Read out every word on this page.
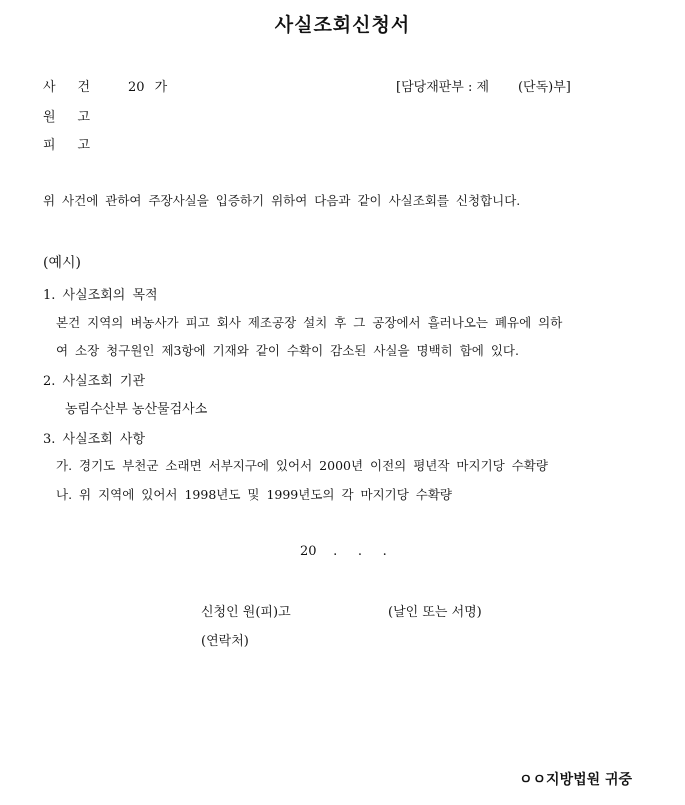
사실조회신청서
사건 20 가	[담당재판부 : 제       (단독)부]
원고
피고
위 사건에 관하여 주장사실을 입증하기 위하여 다음과 같이 사실조회를 신청합니다.
(예시)
1. 사실조회의 목적
본건 지역의 벼농사가 피고 회사 제조공장 설치 후 그 공장에서 흘러나오는 폐유에 의하
여 소장 청구원인 제3항에 기재와 같이 수확이 감소된 사실을 명백히 함에 있다.
2. 사실조회 기관
농림수산부 농산물검사소
3. 사실조회 사항
가. 경기도 부천군 소래면 서부지구에 있어서 2000년 이전의 평년작 마지기당 수확량
나. 위 지역에 있어서 1998년도 및 1999년도의 각 마지기당 수확량
20    .     .     .
신청인 원(피)고	(날인 또는 서명)
(연락처)
ㅇㅇ지방법원 귀중
